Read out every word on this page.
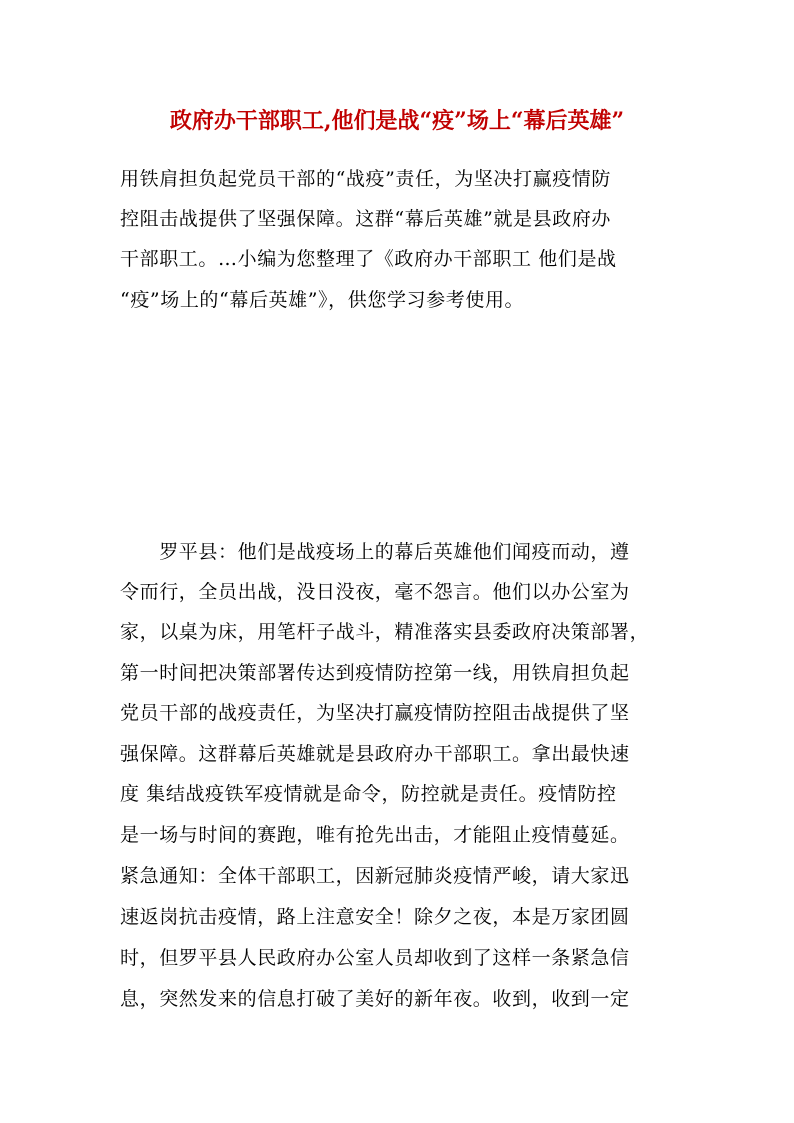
政府办干部职工,他们是战“疫”场上“幕后英雄”
用铁肩担负起党员干部的“战疫”责任，为坚决打赢疫情防
控阻击战提供了坚强保障。这群“幕后英雄”就是县政府办
干部职工。…小编为您整理了《政府办干部职工 他们是战
“疫”场上的“幕后英雄”》，供您学习参考使用。
　　罗平县：他们是战疫场上的幕后英雄他们闻疫而动，遵
令而行，全员出战，没日没夜，毫不怨言。他们以办公室为
家，以桌为床，用笔杆子战斗，精准落实县委政府决策部署，
第一时间把决策部署传达到疫情防控第一线，用铁肩担负起
党员干部的战疫责任，为坚决打赢疫情防控阻击战提供了坚
强保障。这群幕后英雄就是县政府办干部职工。拿出最快速
度 集结战疫铁军疫情就是命令，防控就是责任。疫情防控
是一场与时间的赛跑，唯有抢先出击，才能阻止疫情蔓延。
紧急通知：全体干部职工，因新冠肺炎疫情严峻，请大家迅
速返岗抗击疫情，路上注意安全！除夕之夜，本是万家团圆
时，但罗平县人民政府办公室人员却收到了这样一条紧急信
息，突然发来的信息打破了美好的新年夜。收到，收到一定
